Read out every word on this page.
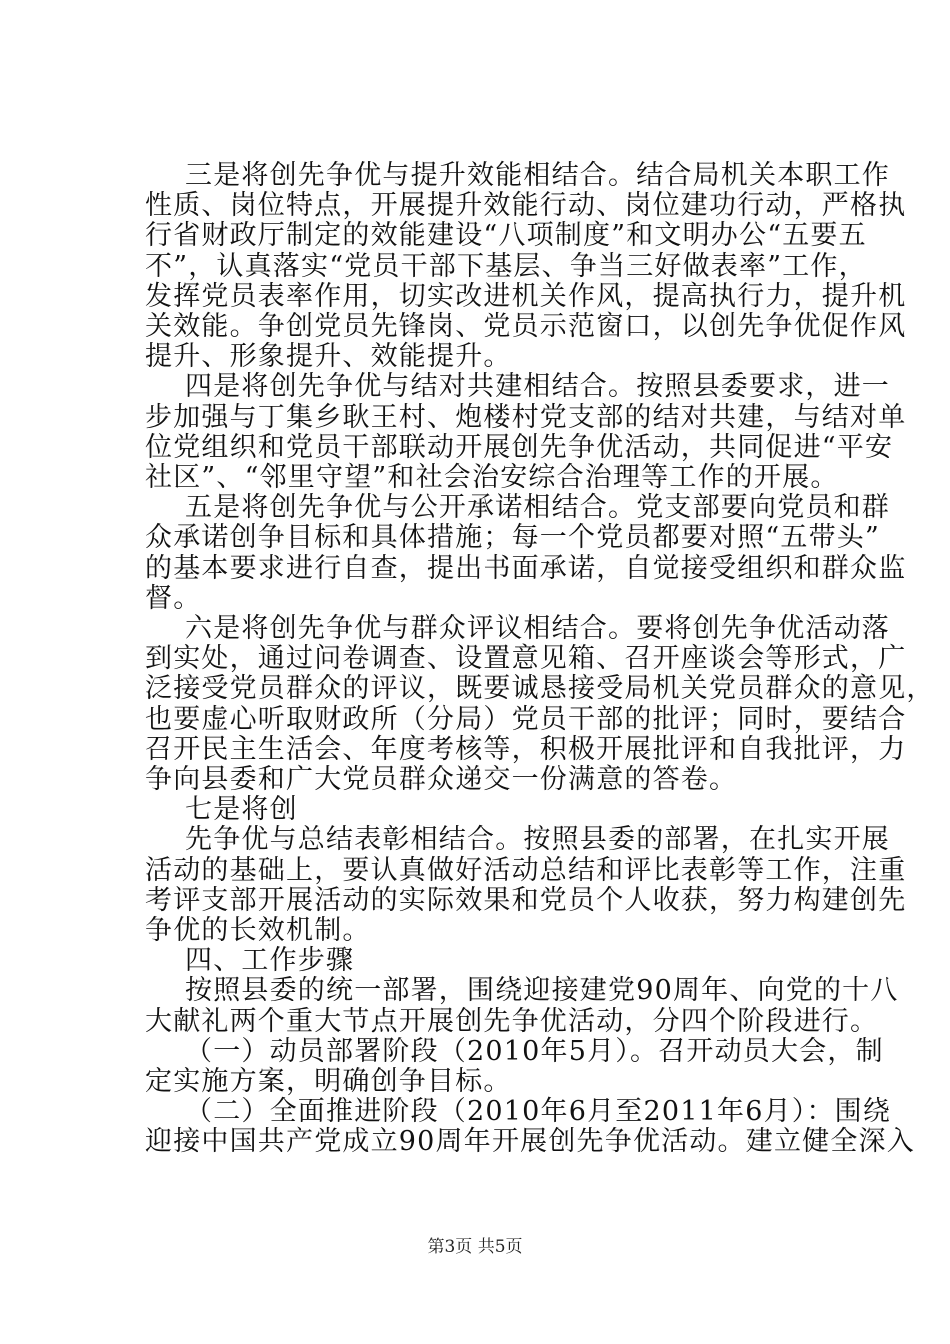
三是将创先争优与提升效能相结合。结合局机关本职工作
性质、岗位特点，开展提升效能行动、岗位建功行动，严格执
行省财政厅制定的效能建设“八项制度”和文明办公“五要五
不”，认真落实“党员干部下基层、争当三好做表率”工作，
发挥党员表率作用，切实改进机关作风，提高执行力，提升机
关效能。争创党员先锋岗、党员示范窗口，以创先争优促作风
提升、形象提升、效能提升。
四是将创先争优与结对共建相结合。按照县委要求，进一
步加强与丁集乡耿王村、炮楼村党支部的结对共建，与结对单
位党组织和党员干部联动开展创先争优活动，共同促进“平安
社区”、“邻里守望”和社会治安综合治理等工作的开展。
五是将创先争优与公开承诺相结合。党支部要向党员和群
众承诺创争目标和具体措施；每一个党员都要对照“五带头”
的基本要求进行自查，提出书面承诺，自觉接受组织和群众监
督。
六是将创先争优与群众评议相结合。要将创先争优活动落
到实处，通过问卷调查、设置意见箱、召开座谈会等形式，广
泛接受党员群众的评议，既要诚恳接受局机关党员群众的意见，
也要虚心听取财政所（分局）党员干部的批评；同时，要结合
召开民主生活会、年度考核等，积极开展批评和自我批评，力
争向县委和广大党员群众递交一份满意的答卷。
七是将创
先争优与总结表彰相结合。按照县委的部署，在扎实开展
活动的基础上，要认真做好活动总结和评比表彰等工作，注重
考评支部开展活动的实际效果和党员个人收获，努力构建创先
争优的长效机制。
四、工作步骤
按照县委的统一部署，围绕迎接建党90周年、向党的十八
大献礼两个重大节点开展创先争优活动，分四个阶段进行。
（一）动员部署阶段（2010年5月）。召开动员大会，制
定实施方案，明确创争目标。
（二）全面推进阶段（2010年6月至2011年6月）：围绕
迎接中国共产党成立90周年开展创先争优活动。建立健全深入
第3页 共5页
